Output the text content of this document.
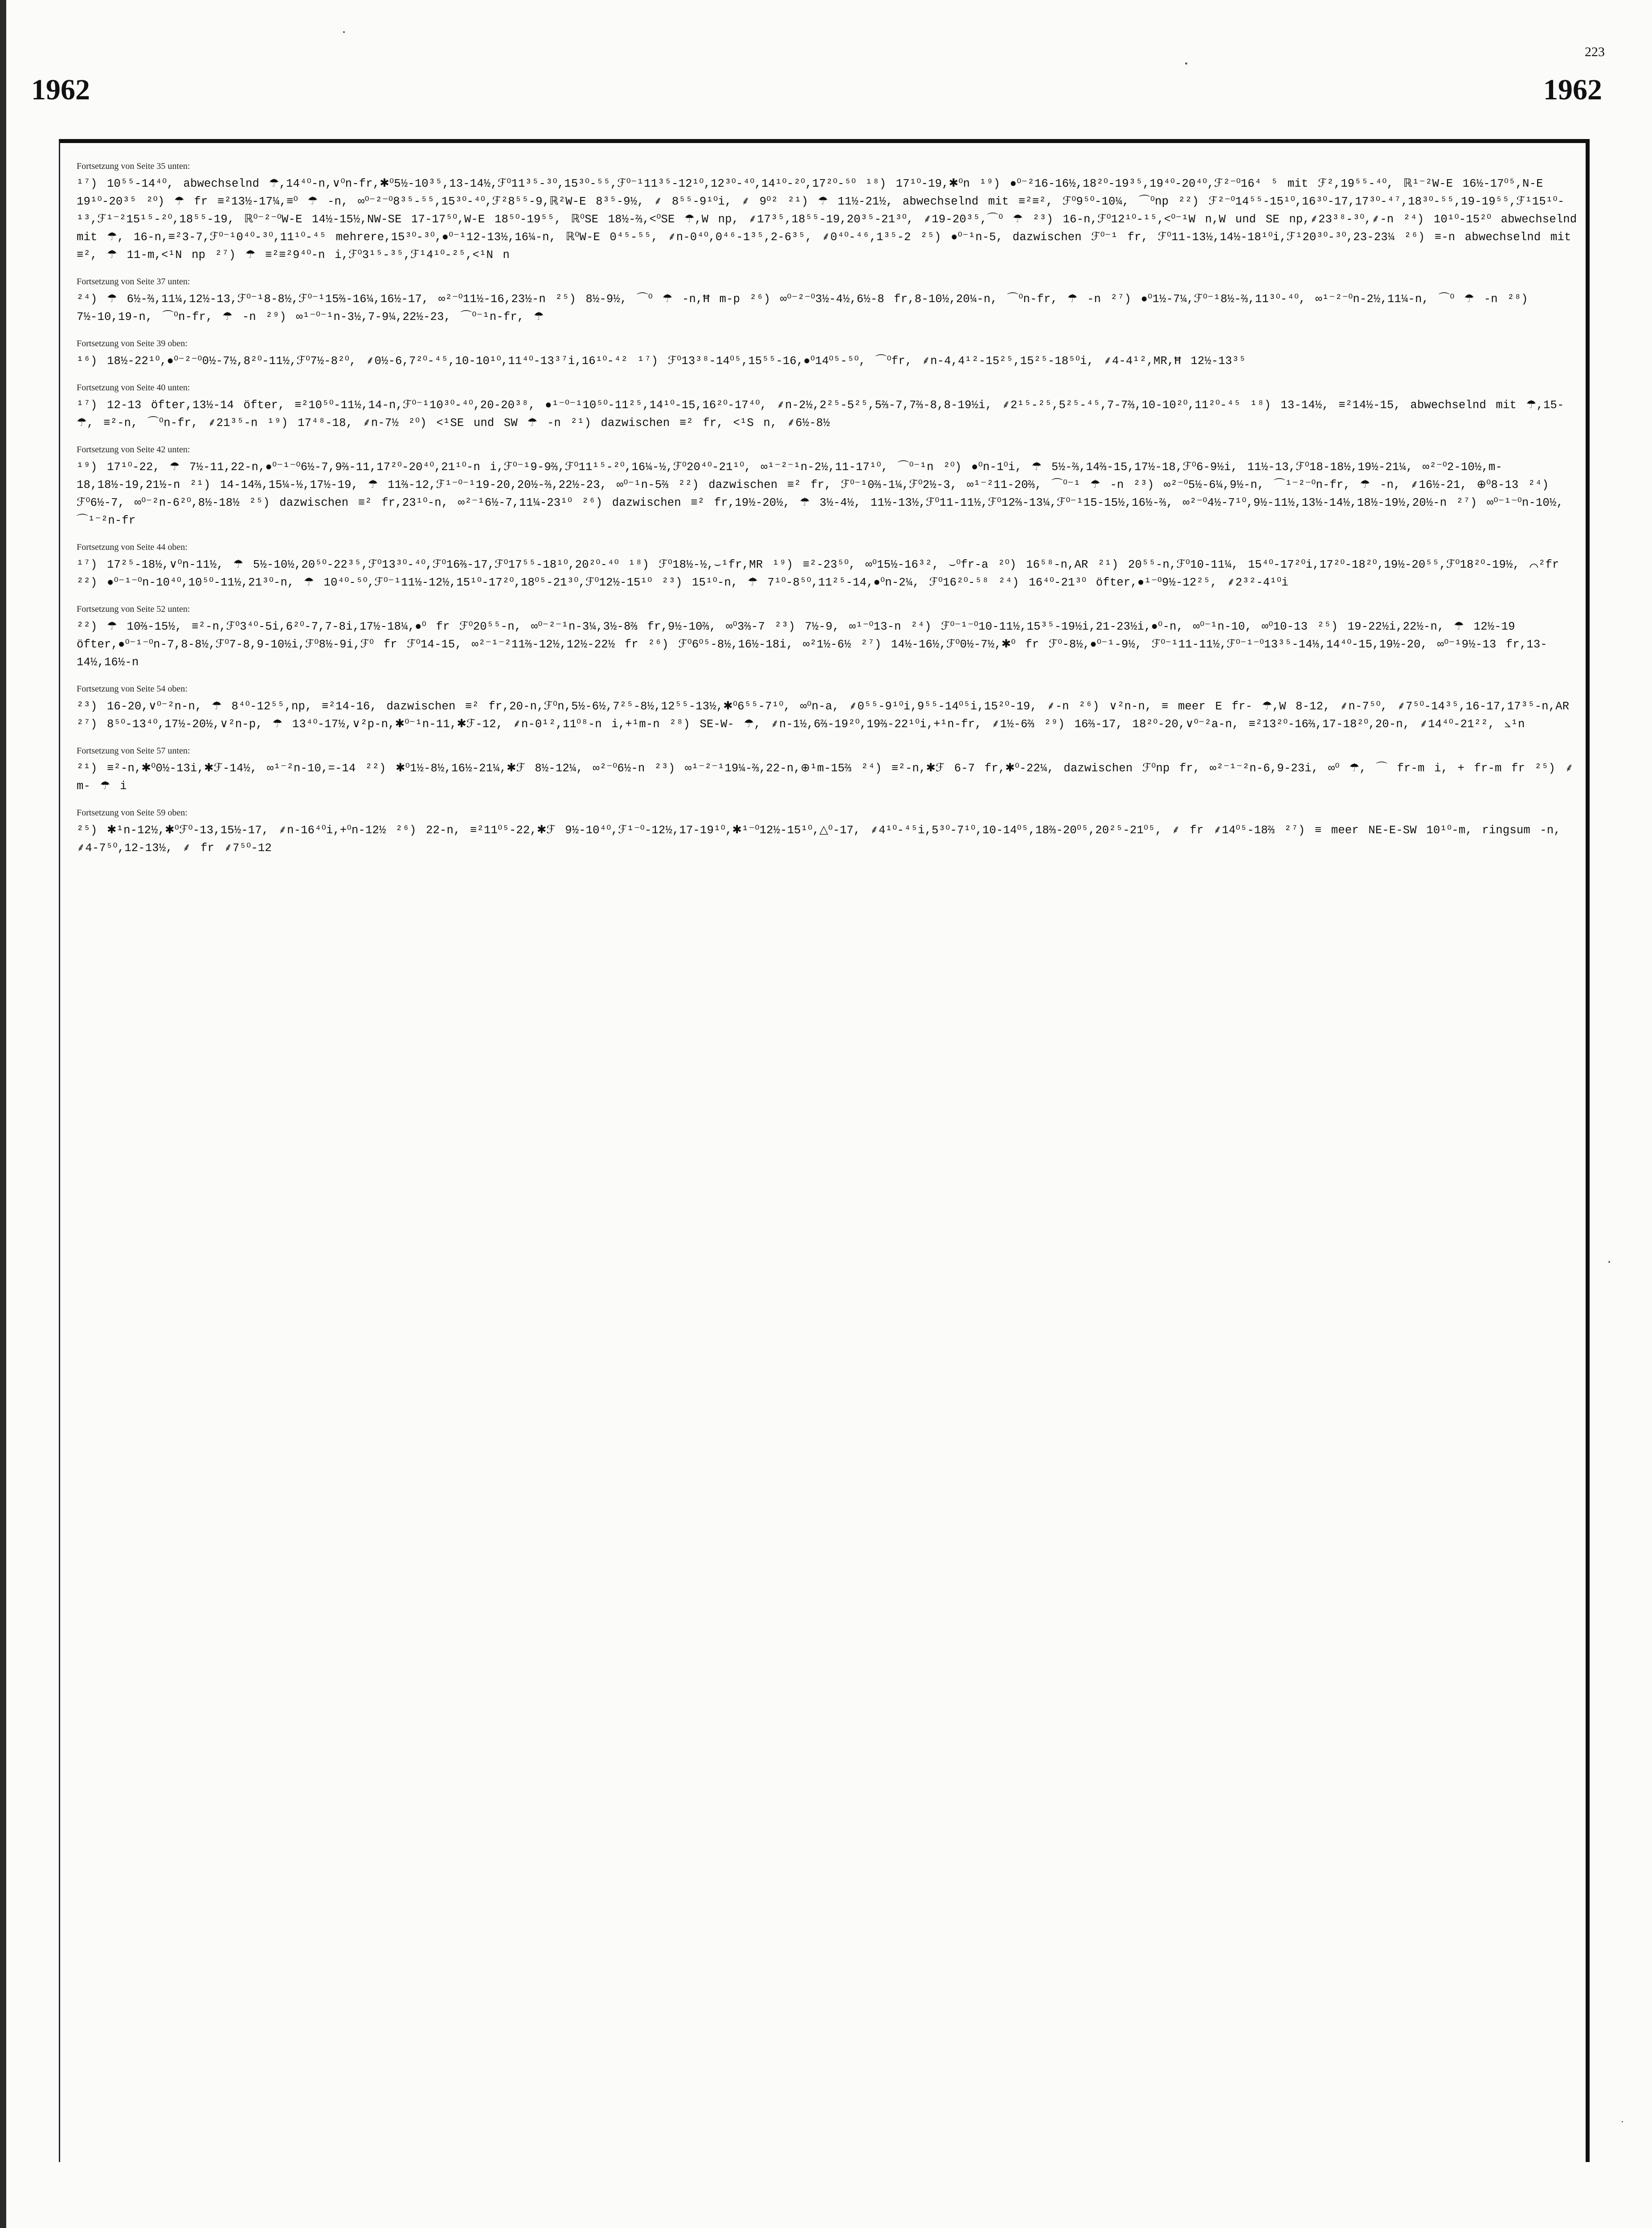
223
1962	1962
Fortsetzung von Seite 35 unten:
¹⁷) 10⁵⁵-14⁴⁰, abwechselnd ☂,14⁴⁰-n,∨⁰n-fr,✱⁰5½-10³⁵,13-14½,ℱ⁰11³⁵-³⁰,15³⁰-⁵⁵,ℱ⁰⁻¹11³⁵-12¹⁰,12³⁰-⁴⁰,14¹⁰-²⁰,17²⁰-⁵⁰ ¹⁸) 17¹⁰-19,✱⁰n ¹⁹) ●⁰⁻²16-16½,18²⁰-19³⁵,19⁴⁰-20⁴⁰,ℱ²⁻⁰16⁴ ⁵ mit ℱ²,19⁵⁵-⁴⁰, ℝ¹⁻²W-E 16½-17⁰⁵,N-E 19¹⁰-20³⁵ ²⁰) ☂ fr ≡²13½-17¼,≡⁰ ☂ -n, ∞⁰⁻²⁻⁰8³⁵-⁵⁵,15³⁰-⁴⁰,ℱ²8⁵⁵-9,ℝ²W-E 8³⁵-9½, ⸙ 8⁵⁵-9¹⁰i, ⸙ 9⁰² ²¹) ☂ 11½-21½, abwechselnd mit ≡²≡², ℱ⁰9⁵⁰-10¼, ⌒⁰np ²²) ℱ²⁻⁰14⁵⁵-15¹⁰,16³⁰-17,17³⁰-⁴⁷,18³⁰-⁵⁵,19-19⁵⁵,ℱ¹15¹⁰-¹³,ℱ¹⁻²15¹⁵-²⁰,18⁵⁵-19, ℝ⁰⁻²⁻⁰W-E 14½-15½,NW-SE 17-17⁵⁰,W-E 18⁵⁰-19⁵⁵, ℝ⁰SE 18½-⅔,<⁰SE ☂,W np, ⸙17³⁵,18⁵⁵-19,20³⁵-21³⁰, ⸙19-20³⁵,⌒⁰ ☂ ²³) 16-n,ℱ⁰12¹⁰-¹⁵,<⁰⁻¹W n,W und SE np,⸙23³⁸-³⁰,⸙-n ²⁴) 10¹⁰-15²⁰ abwechselnd mit ☂, 16-n,≡²3-7,ℱ⁰⁻¹0⁴⁰-³⁰,11¹⁰-⁴⁵ mehrere,15³⁰-³⁰,●⁰⁻¹12-13½,16¼-n, ℝ⁰W-E 0⁴⁵-⁵⁵, ⸙n-0⁴⁰,0⁴⁶-1³⁵,2-6³⁵, ⸙0⁴⁰-⁴⁶,1³⁵-2 ²⁵) ●⁰⁻¹n-5, dazwischen ℱ⁰⁻¹ fr, ℱ⁰11-13½,14½-18¹⁰i,ℱ¹20³⁰-³⁰,23-23¼ ²⁶) ≡-n abwechselnd mit ≡², ☂ 11-m,<¹N np ²⁷) ☂ ≡²≡²9⁴⁰-n i,ℱ⁰3¹⁵-³⁵,ℱ¹4¹⁰-²⁵,<¹N n
Fortsetzung von Seite 37 unten:
²⁴) ☂ 6½-⅔,11¼,12½-13,ℱ⁰⁻¹8-8½,ℱ⁰⁻¹15⅔-16¼,16½-17, ∞²⁻⁰11½-16,23½-n ²⁵) 8½-9½, ⌒⁰ ☂ -n,Ħ m-p ²⁶) ∞⁰⁻²⁻⁰3½-4½,6½-8 fr,8-10½,20¼-n, ⌒⁰n-fr, ☂ -n ²⁷) ●⁰1½-7¼,ℱ⁰⁻¹8½-⅔,11³⁰-⁴⁰, ∞¹⁻²⁻⁰n-2½,11¼-n, ⌒⁰ ☂ -n ²⁸) 7½-10,19-n, ⌒⁰n-fr, ☂ -n ²⁹) ∞¹⁻⁰⁻¹n-3½,7-9¼,22½-23, ⌒⁰⁻¹n-fr, ☂
Fortsetzung von Seite 39 oben:
¹⁶) 18½-22¹⁰,●⁰⁻²⁻⁰0½-7½,8²⁰-11½,ℱ⁰7½-8²⁰, ⸙0½-6,7²⁰-⁴⁵,10-10¹⁰,11⁴⁰-13³⁷i,16¹⁰-⁴² ¹⁷) ℱ⁰13³⁸-14⁰⁵,15⁵⁵-16,●⁰14⁰⁵-⁵⁰, ⌒⁰fr, ⸙n-4,4¹²-15²⁵,15²⁵-18⁵⁰i, ⸙4-4¹²,MR,Ħ 12½-13³⁵
Fortsetzung von Seite 40 unten:
¹⁷) 12-13 öfter,13½-14 öfter, ≡²10⁵⁰-11½,14-n,ℱ⁰⁻¹10³⁰-⁴⁰,20-20³⁸, ●¹⁻⁰⁻¹10⁵⁰-11²⁵,14¹⁰-15,16²⁰-17⁴⁰, ⸙n-2½,2²⁵-5²⁵,5⅔-7,7⅔-8,8-19½i, ⸙2¹⁵-²⁵,5²⁵-⁴⁵,7-7⅔,10-10²⁰,11²⁰-⁴⁵ ¹⁸) 13-14½, ≡²14½-15, abwechselnd mit ☂,15- ☂, ≡²-n, ⌒⁰n-fr, ⸙21³⁵-n ¹⁹) 17⁴⁸-18, ⸙n-7½ ²⁰) <¹SE und SW ☂ -n ²¹) dazwischen ≡² fr, <¹S n, ⸙6½-8½
Fortsetzung von Seite 42 unten:
¹⁹) 17¹⁰-22, ☂ 7½-11,22-n,●⁰⁻¹⁻⁰6½-7,9⅔-11,17²⁰-20⁴⁰,21¹⁰-n i,ℱ⁰⁻¹9-9⅔,ℱ⁰11¹⁵-²⁰,16¼-½,ℱ⁰20⁴⁰-21¹⁰, ∞¹⁻²⁻¹n-2½,11-17¹⁰, ⌒⁰⁻¹n ²⁰) ●⁰n-1⁰i, ☂ 5½-⅔,14⅔-15,17½-18,ℱ⁰6-9½i, 11½-13,ℱ⁰18-18½,19½-21¼, ∞²⁻⁰2-10½,m-18,18½-19,21½-n ²¹) 14-14⅔,15¼-½,17½-19, ☂ 11⅔-12,ℱ¹⁻⁰⁻¹19-20,20½-⅔,22½-23, ∞⁰⁻¹n-5⅔ ²²) dazwischen ≡² fr, ℱ⁰⁻¹0⅔-1¼,ℱ⁰2½-3, ∞¹⁻²11-20⅔, ⌒⁰⁻¹ ☂ -n ²³) ∞²⁻⁰5½-6¼,9½-n, ⌒¹⁻²⁻⁰n-fr, ☂ -n, ⸙16½-21, ⊕⁰8-13 ²⁴) ℱ⁰6½-7, ∞⁰⁻²n-6²⁰,8½-18½ ²⁵) dazwischen ≡² fr,23¹⁰-n, ∞²⁻¹6½-7,11¼-23¹⁰ ²⁶) dazwischen ≡² fr,19½-20½, ☂ 3½-4½, 11½-13½,ℱ⁰11-11½,ℱ⁰12⅔-13¼,ℱ⁰⁻¹15-15½,16½-⅔, ∞²⁻⁰4½-7¹⁰,9½-11½,13½-14½,18½-19½,20½-n ²⁷) ∞⁰⁻¹⁻⁰n-10½, ⌒¹⁻²n-fr
Fortsetzung von Seite 44 oben:
¹⁷) 17²⁵-18½,∨⁰n-11½, ☂ 5½-10½,20⁵⁰-22³⁵,ℱ⁰13³⁰-⁴⁰,ℱ⁰16⅔-17,ℱ⁰17⁵⁵-18¹⁰,20²⁰-⁴⁰ ¹⁸) ℱ⁰18½-½,⌣¹fr,MR ¹⁹) ≡²-23⁵⁰, ∞⁰15½-16³², ⌣⁰fr-a ²⁰) 16⁵⁸-n,AR ²¹) 20⁵⁵-n,ℱ⁰10-11¼, 15⁴⁰-17²⁰i,17²⁰-18²⁰,19½-20⁵⁵,ℱ⁰18²⁰-19½, ⌒²fr ²²) ●⁰⁻¹⁻⁰n-10⁴⁰,10⁵⁰-11½,21³⁰-n, ☂ 10⁴⁰-⁵⁰,ℱ⁰⁻¹11½-12½,15¹⁰-17²⁰,18⁰⁵-21³⁰,ℱ⁰12½-15¹⁰ ²³) 15¹⁰-n, ☂ 7¹⁰-8⁵⁰,11²⁵-14,●⁰n-2¼, ℱ⁰16²⁰-⁵⁸ ²⁴) 16⁴⁰-21³⁰ öfter,●¹⁻⁰9½-12²⁵, ⸙2³²-4¹⁰i
Fortsetzung von Seite 52 unten:
²²) ☂ 10⅔-15½, ≡²-n,ℱ⁰3⁴⁰-5i,6²⁰-7,7-8i,17½-18¼,●⁰ fr ℱ⁰20⁵⁵-n, ∞⁰⁻²⁻¹n-3¼,3½-8⅔ fr,9½-10⅔, ∞⁰3⅔-7 ²³) 7½-9, ∞¹⁻⁰13-n ²⁴) ℱ⁰⁻¹⁻⁰10-11½,15³⁵-19½i,21-23½i,●⁰-n, ∞⁰⁻¹n-10, ∞⁰10-13 ²⁵) 19-22½i,22½-n, ☂ 12½-19 öfter,●⁰⁻¹⁻⁰n-7,8-8½,ℱ⁰7-8,9-10½i,ℱ⁰8½-9i,ℱ⁰ fr ℱ⁰14-15, ∞²⁻¹⁻²11⅔-12½,12½-22½ fr ²⁶) ℱ⁰6⁰⁵-8½,16½-18i, ∞²1½-6½ ²⁷) 14½-16½,ℱ⁰0½-7½,✱⁰ fr ℱ⁰-8½,●⁰⁻¹-9½, ℱ⁰⁻¹11-11½,ℱ⁰⁻¹⁻⁰13³⁵-14⅓,14⁴⁰-15,19½-20, ∞⁰⁻¹9½-13 fr,13-14½,16½-n
Fortsetzung von Seite 54 oben:
²³) 16-20,∨⁰⁻²n-n, ☂ 8⁴⁰-12⁵⁵,np, ≡²14-16, dazwischen ≡² fr,20-n,ℱ⁰n,5½-6½,7²⁵-8½,12⁵⁵-13½,✱⁰6⁵⁵-7¹⁰, ∞⁰n-a, ⸙0⁵⁵-9¹⁰i,9⁵⁵-14⁰⁵i,15²⁰-19, ⸙-n ²⁶) ∨²n-n, ≡ meer E fr- ☂,W 8-12, ⸙n-7⁵⁰, ⸙7⁵⁰-14³⁵,16-17,17³⁵-n,AR ²⁷) 8⁵⁰-13⁴⁰,17½-20½,∨²n-p, ☂ 13⁴⁰-17½,∨²p-n,✱⁰⁻¹n-11,✱ℱ-12, ⸙n-0¹²,11⁰⁸-n i,+¹m-n ²⁸) SE-W- ☂, ⸙n-1½,6⅔-19²⁰,19⅔-22¹⁰i,+¹n-fr, ⸙1½-6⅔ ²⁹) 16⅔-17, 18²⁰-20,∨⁰⁻²a-n, ≡²13²⁰-16⅔,17-18²⁰,20-n, ⸙14⁴⁰-21²², ⦣¹n
Fortsetzung von Seite 57 unten:
²¹) ≡²-n,✱⁰0½-13i,✱ℱ-14½, ∞¹⁻²n-10,=-14 ²²) ✱⁰1½-8½,16½-21¼,✱ℱ 8½-12¼, ∞²⁻⁰6½-n ²³) ∞¹⁻²⁻¹19¼-⅔,22-n,⊕¹m-15⅔ ²⁴) ≡²-n,✱ℱ 6-7 fr,✱⁰-22¼, dazwischen ℱ⁰np fr, ∞²⁻¹⁻²n-6,9-23i, ∞⁰ ☂, ⌒ fr-m i, + fr-m fr ²⁵) ⸙m- ☂ i
Fortsetzung von Seite 59 oben:
²⁵) ✱¹n-12½,✱⁰ℱ⁰-13,15½-17, ⸙n-16⁴⁰i,+⁰n-12½ ²⁶) 22-n, ≡²11⁰⁵-22,✱ℱ 9½-10⁴⁰,ℱ¹⁻⁰-12½,17-19¹⁰,✱¹⁻⁰12½-15¹⁰,△⁰-17, ⸙4¹⁰-⁴⁵i,5³⁰-7¹⁰,10-14⁰⁵,18⅔-20⁰⁵,20²⁵-21⁰⁵, ⸙ fr ⸙14⁰⁵-18⅔ ²⁷) ≡ meer NE-E-SW 10¹⁰-m, ringsum -n, ⸙4-7⁵⁰,12-13½, ⸙ fr ⸙7⁵⁰-12
